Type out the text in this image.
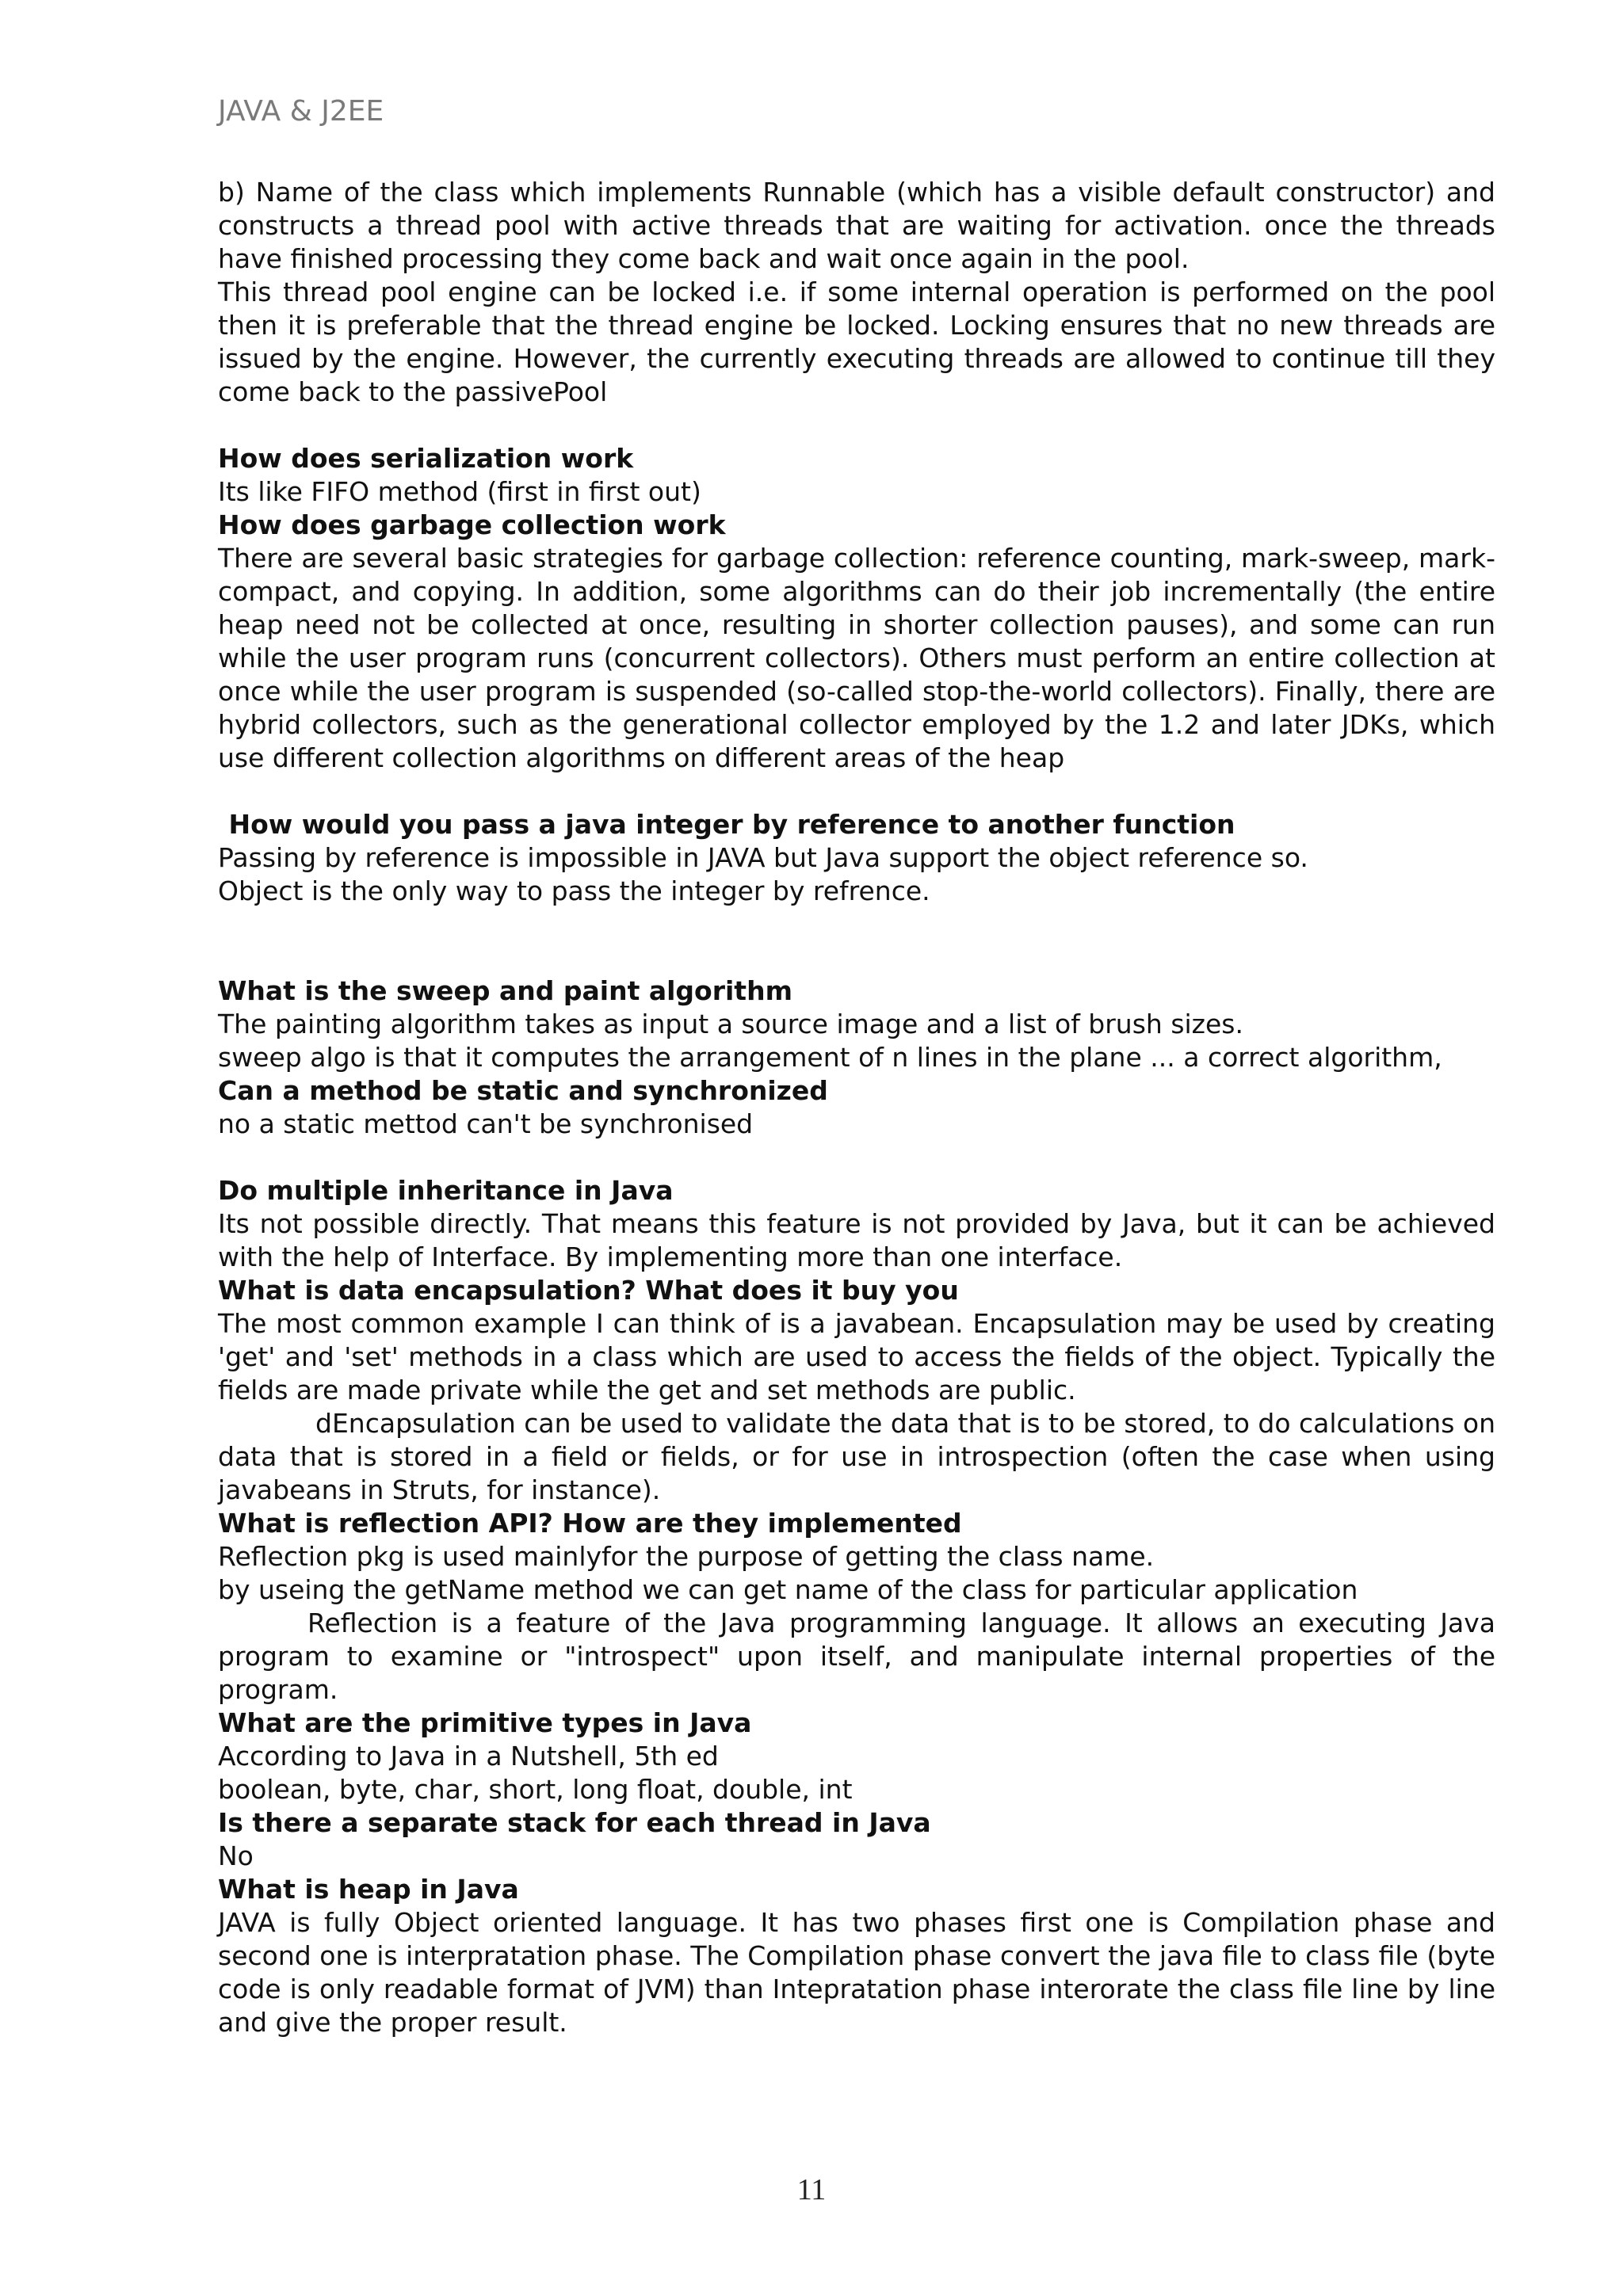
JAVA & J2EE

b) Name of the class which implements Runnable (which has a visible default constructor) and constructs a thread pool with active threads that are waiting for activation. once the threads have finished processing they come back and wait once again in the pool.

This thread pool engine can be locked i.e. if some internal operation is performed on the pool then it is preferable that the thread engine be locked. Locking ensures that no new threads are issued by the engine. However, the currently executing threads are allowed to continue till they come back to the passivePool

How does serialization work

Its like FIFO method (first in first out)

How does garbage collection work

There are several basic strategies for garbage collection: reference counting, mark-sweep, mark-compact, and copying. In addition, some algorithms can do their job incrementally (the entire heap need not be collected at once, resulting in shorter collection pauses), and some can run while the user program runs (concurrent collectors). Others must perform an entire collection at once while the user program is suspended (so-called stop-the-world collectors). Finally, there are hybrid collectors, such as the generational collector employed by the 1.2 and later JDKs, which use different collection algorithms on different areas of the heap

How would you pass a java integer by reference to another function

Passing by reference is impossible in JAVA but Java support the object reference so.

Object is the only way to pass the integer by refrence.

What is the sweep and paint algorithm

The painting algorithm takes as input a source image and a list of brush sizes.

sweep algo is that it computes the arrangement of n lines in the plane ... a correct algorithm,

Can a method be static and synchronized

no a static mettod can't be synchronised

Do multiple inheritance in Java

Its not possible directly. That means this feature is not provided by Java, but it can be achieved with the help of Interface. By implementing more than one interface.

What is data encapsulation? What does it buy you

The most common example I can think of is a javabean. Encapsulation may be used by creating 'get' and 'set' methods in a class which are used to access the fields of the object. Typically the fields are made private while the get and set methods are public.

dEncapsulation can be used to validate the data that is to be stored, to do calculations on data that is stored in a field or fields, or for use in introspection (often the case when using javabeans in Struts, for instance).

What is reflection API? How are they implemented

Reflection pkg is used mainlyfor the purpose of getting the class name.

by useing the getName method we can get name of the class for particular application

Reflection is a feature of the Java programming language. It allows an executing Java program to examine or "introspect" upon itself, and manipulate internal properties of the program.

What are the primitive types in Java

According to Java in a Nutshell, 5th ed

boolean, byte, char, short, long float, double, int

Is there a separate stack for each thread in Java

No

What is heap in Java

JAVA is fully Object oriented language. It has two phases first one is Compilation phase and second one is interpratation phase. The Compilation phase convert the java file to class file (byte code is only readable format of JVM) than Intepratation phase interorate the class file line by line and give the proper result.

11
